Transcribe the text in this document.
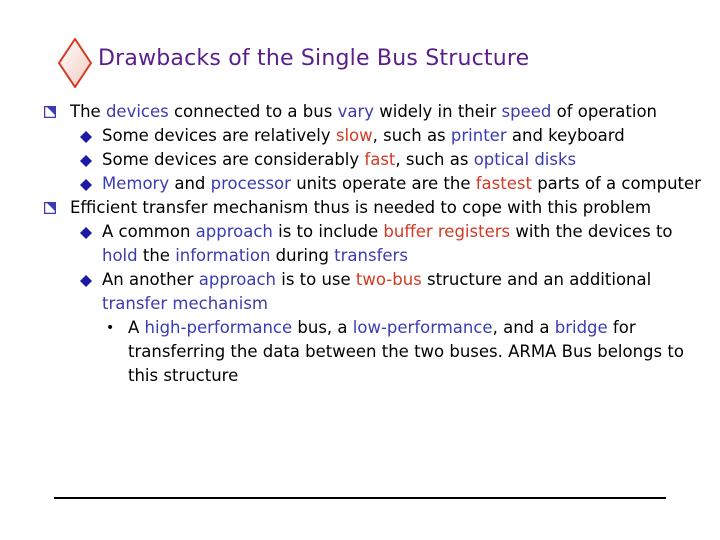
Drawbacks of the Single Bus Structure
The devices connected to a bus vary widely in their speed of operation
Some devices are relatively slow, such as printer and keyboard
Some devices are considerably fast, such as optical disks
Memory and processor units operate are the fastest parts of a computer
Efficient transfer mechanism thus is needed to cope with this problem
A common approach is to include buffer registers with the devices to hold the information during transfers
An another approach is to use two-bus structure and an additional transfer mechanism
• A high-performance bus, a low-performance, and a bridge for transferring the data between the two buses. ARMA Bus belongs to this structure
